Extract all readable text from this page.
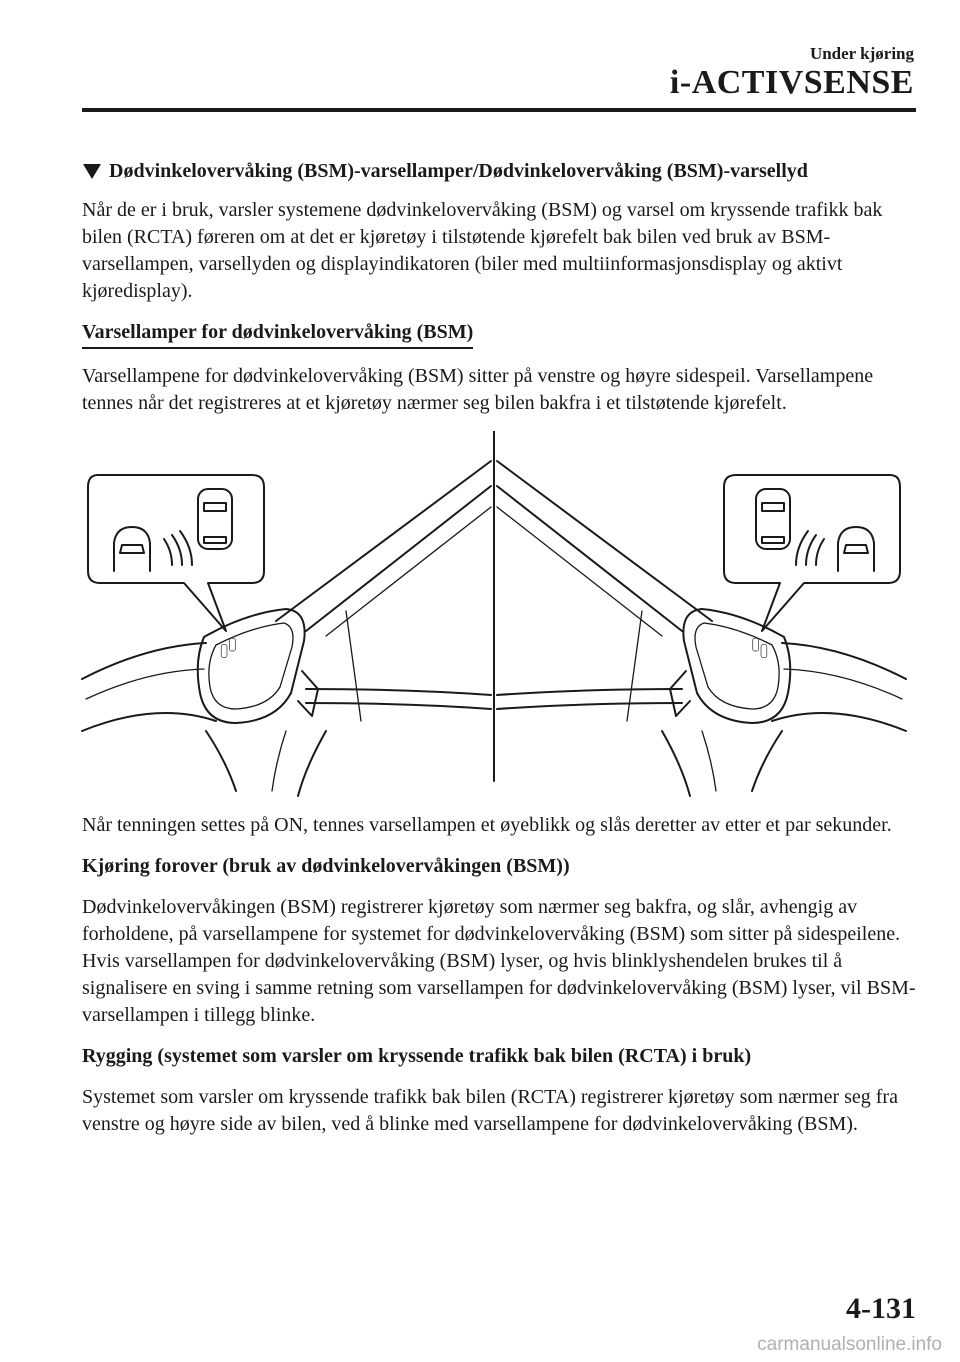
Under kjøring
i-ACTIVSENSE
Dødvinkelovervåking (BSM)-varsellamper/Dødvinkelovervåking (BSM)-varsellyd

Når de er i bruk, varsler systemene dødvinkelovervåking (BSM) og varsel om kryssende trafikk bak bilen (RCTA) føreren om at det er kjøretøy i tilstøtende kjørefelt bak bilen ved bruk av BSM-varsellampen, varsellyden og displayindikatoren (biler med multiinformasjonsdisplay og aktivt kjøredisplay).

Varsellamper for dødvinkelovervåking (BSM)

Varsellampene for dødvinkelovervåking (BSM) sitter på venstre og høyre sidespeil. Varsellampene tennes når det registreres at et kjøretøy nærmer seg bilen bakfra i et tilstøtende kjørefelt.

Når tenningen settes på ON, tennes varsellampen et øyeblikk og slås deretter av etter et par sekunder.

Kjøring forover (bruk av dødvinkelovervåkingen (BSM))

Dødvinkelovervåkingen (BSM) registrerer kjøretøy som nærmer seg bakfra, og slår, avhengig av forholdene, på varsellampene for systemet for dødvinkelovervåking (BSM) som sitter på sidespeilene. Hvis varsellampen for dødvinkelovervåking (BSM) lyser, og hvis blinklyshendelen brukes til å signalisere en sving i samme retning som varsellampen for dødvinkelovervåking (BSM) lyser, vil BSM-varsellampen i tillegg blinke.

Rygging (systemet som varsler om kryssende trafikk bak bilen (RCTA) i bruk)

Systemet som varsler om kryssende trafikk bak bilen (RCTA) registrerer kjøretøy som nærmer seg fra venstre og høyre side av bilen, ved å blinke med varsellampene for dødvinkelovervåking (BSM).

4-131
carmanualsonline.info
